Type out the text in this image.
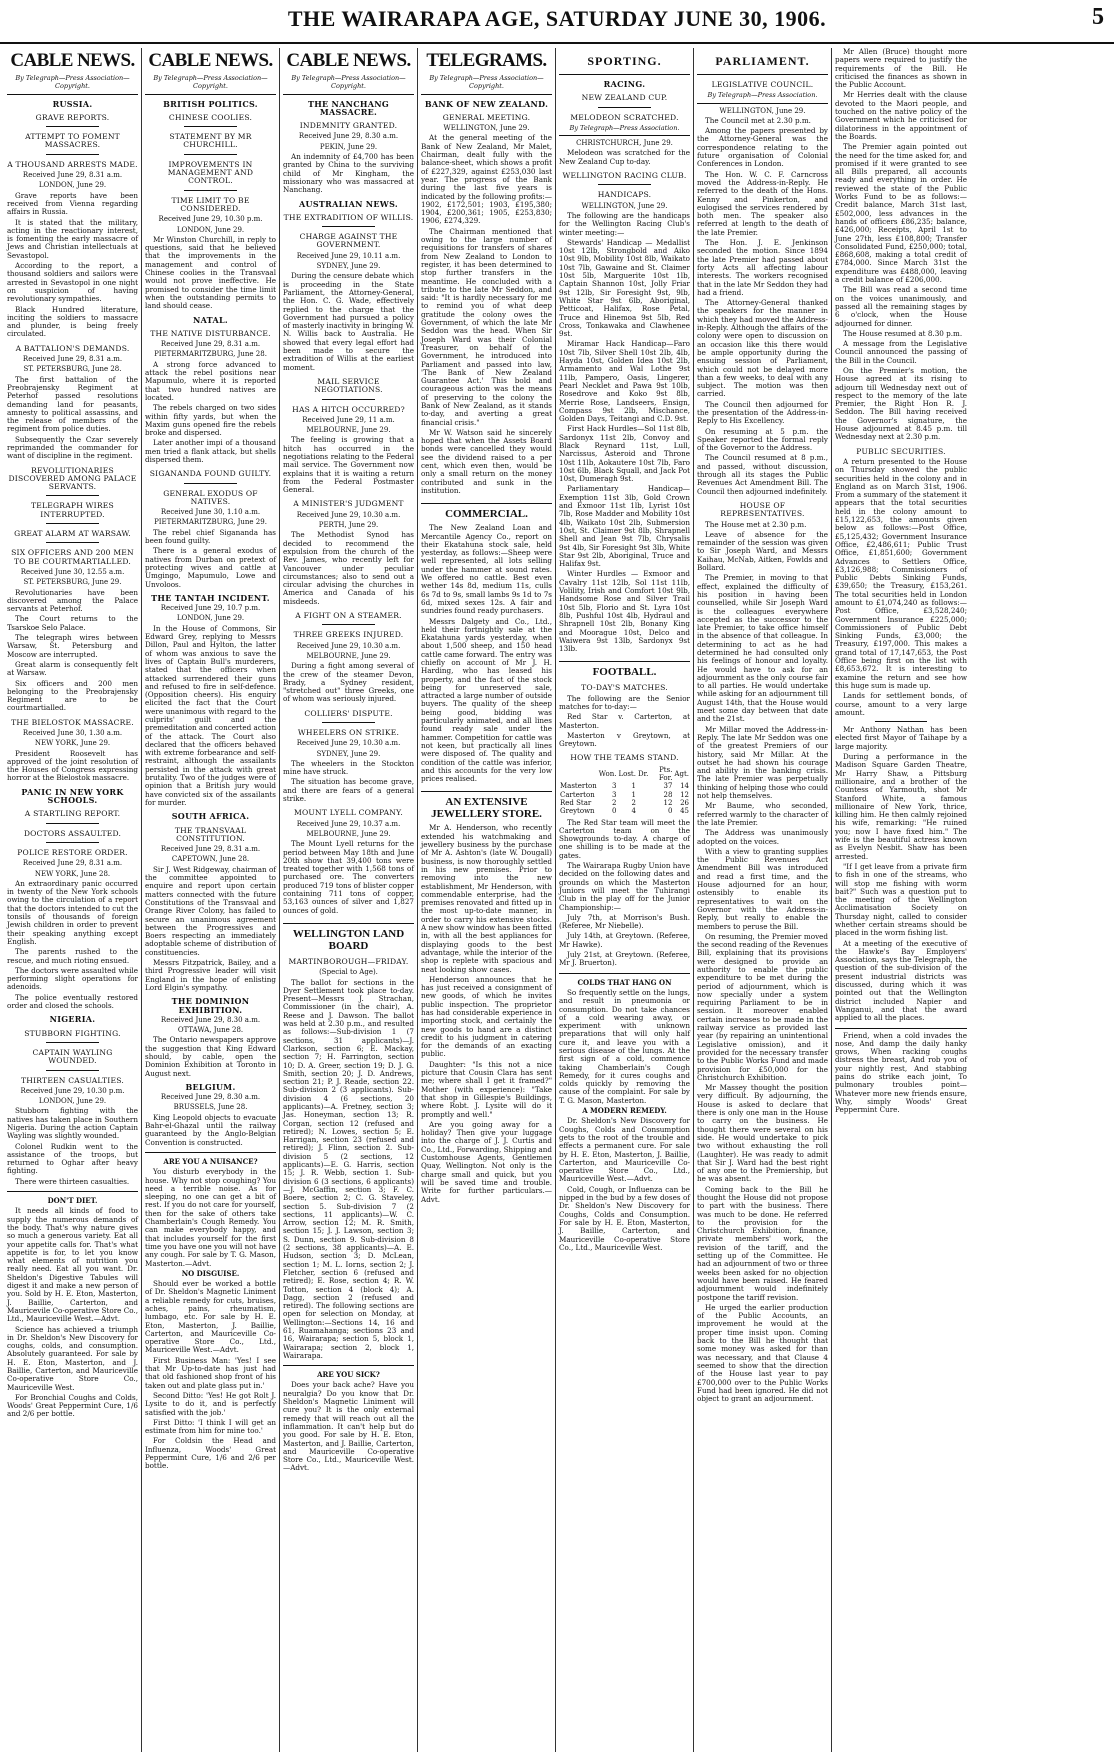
THE WAIRARAPA AGE, SATURDAY JUNE 30, 1906.	5
CABLE NEWS.
By Telegraph—Press Association—Copyright.
RUSSIA.
GRAVE REPORTS.
ATTEMPT TO FOMENT MASSACRES.
A THOUSAND ARRESTS MADE.
Received June 29, 8.31 a.m.
LONDON, June 29.

Grave reports have been received from Vienna regarding affairs in Russia.

It is stated that the military, acting in the reactionary interest, is fomenting the early massacre of Jews and Christian intellectuals at Sevastopol.

According to the report, a thousand soldiers and sailors were arrested in Sevastopol in one night on suspicion of having revolutionary sympathies.

Black Hundred literature, inciting the soldiers to massacre and plunder, is being freely circulated.

A BATTALION'S DEMANDS.
Received June 29, 8.31 a.m.
ST. PETERSBURG, June 28.

The first battalion of the Preobrajensky Regiment at Peterhof passed resolutions demanding land for peasants, amnesty to political assassins, and the release of members of the regiment from police duties.

Subsequently the Czar severely reprimanded the commander for want of discipline in the regiment.

REVOLUTIONARIES DISCOVERED AMONG PALACE SERVANTS.
TELEGRAPH WIRES INTERRUPTED.
GREAT ALARM AT WARSAW.
SIX OFFICERS AND 200 MEN TO BE COURTMARTIALLED.
Received June 30, 12.55 a.m.
ST. PETERSBURG, June 29.

Revolutionaries have been discovered among the Palace servants at Peterhof.

The Court returns to the Tsarskoe Selo Palace.

The telegraph wires between Warsaw, St. Petersburg and Moscow are interrupted.

Great alarm is consequently felt at Warsaw.

Six officers and 200 men belonging to the Preobrajensky Regiment are to be courtmartialled.

THE BIELOSTOK MASSACRE.
Received June 30, 1.30 a.m.
NEW YORK, June 29.

President Roosevelt has approved of the joint resolution of the Houses of Congress expressing horror at the Bielostok massacre.

PANIC IN NEW YORK SCHOOLS.
A STARTLING REPORT.
DOCTORS ASSAULTED.
POLICE RESTORE ORDER.
Received June 29, 8.31 a.m.
NEW YORK, June 28.

An extraordinary panic occurred in twenty of the New York schools owing to the circulation of a report that the doctors intended to cut the tonsils of thousands of foreign Jewish children in order to prevent their speaking anything except English.

The parents rushed to the rescue, and much rioting ensued.

The doctors were assaulted while performing slight operations for adenoids.

The police eventually restored order and closed the schools.

NIGERIA.
STUBBORN FIGHTING.
CAPTAIN WAYLING WOUNDED.
THIRTEEN CASUALTIES.
Received June 29, 10.30 p.m.
LONDON, June 29.

Stubborn fighting with the natives has taken place in Southern Nigeria. During the action Captain Wayling was slightly wounded.

Colonel Rudkin went to the assistance of the troops, but returned to Oghar after heavy fighting.

There were thirteen casualties.

DON'T DIET.

It needs all kinds of food to supply the numerous demands of the body. That's why nature gives so much a generous variety. Eat all your appetite calls for. That's what appetite is for, to let you know what elements of nutrition you really need. Eat all you want. Dr. Sheldon's Digestive Tabules will digest it and make a new person of you. Sold by H. E. Eton, Masterton, J. Baillie, Carterton, and Mauricevile Co-operative Store Co., Ltd., Mauriceville West.—Advt.

Science has achieved a triumph in Dr. Sheldon's New Discovery for coughs, colds, and consumption. Absolutely guaranteed. For sale by H. E. Eton, Masterton, and J. Baillie, Carterton, and Mauriceville Co-operative Store Co., Mauriceville West.

For Bronchial Coughs and Colds, Woods' Great Peppermint Cure, 1/6 and 2/6 per bottle.

CABLE NEWS.
By Telegraph—Press Association—Copyright.
BRITISH POLITICS.
CHINESE COOLIES.
STATEMENT BY MR CHURCHILL.
IMPROVEMENTS IN MANAGEMENT AND CONTROL.
TIME LIMIT TO BE CONSIDERED.
Received June 29, 10.30 p.m.
LONDON, June 29.

Mr Winston Churchill, in reply to questions, said that he believed that the improvements in the management and control of Chinese coolies in the Transvaal would not prove ineffective. He promised to consider the time limit when the outstanding permits to land should cease.

NATAL.
THE NATIVE DISTURBANCE.
Received June 29, 8.31 a.m.
PIETERMARITZBURG, June 28.

A strong force advanced to attack the rebel positions near Mapumulo, where it is reported that two hundred natives are located.

The rebels charged on two sides within fifty yards, but when the Maxim guns opened fire the rebels broke and dispersed.

Later another impi of a thousand men tried a flank attack, but shells dispersed them.

SIGANANDA FOUND GUILTY.
GENERAL EXODUS OF NATIVES.
Received June 30, 1.10 a.m.
PIETERMARITZBURG, June 29.

The rebel chief Sigananda has been found guilty.

There is a general exodus of natives from Durban on pretext of protecting wives and cattle at Umgingo, Mapumulo, Lowe and Unvoloos.

THE TANTAH INCIDENT.
Received June 29, 10.7 p.m.
LONDON, June 29.

In the House of Commons, Sir Edward Grey, replying to Messrs Dillon, Paul and Hylton, the latter of whom was anxious to save the lives of Captain Bull's murderers, stated that the officers when attacked surrendered their guns and refused to fire in self-defence. (Opposition cheers). His enquiry elicited the fact that the Court were unanimous with regard to the culprits' guilt and the premeditation and concerted action of the attack. The Court also declared that the officers behaved with extreme forbearance and self-restraint, although the assailants persisted in the attack with great brutality. Two of the judges were of opinion that a British jury would have convicted six of the assailants for murder.

SOUTH AFRICA.
THE TRANSVAAL CONSTITUTION.
Received June 29, 8.31 a.m.
CAPETOWN, June 28.

Sir J. West Ridgeway, chairman of the committee appointed to enquire and report upon certain matters connected with the future Constitutions of the Transvaal and Orange River Colony, has failed to secure an unanimous agreement between the Progressives and Boers respecting an immediately adoptable scheme of distribution of constituencies.

Messrs Fitzpatrick, Bailey, and a third Progressive leader will visit England in the hope of enlisting Lord Elgin's sympathy.

THE DOMINION EXHIBITION.
Received June 29, 8.30 a.m.
OTTAWA, June 28.

The Ontario newspapers approve the suggestion that King Edward should, by cable, open the Dominion Exhibition at Toronto in August next.

BELGIUM.
Received June 29, 8.30 a.m.
BRUSSELS, June 28.

King Leopold objects to evacuate Bahr-el-Ghazal until the railway guaranteed by the Anglo-Belgian Convention is constructed.

ARE YOU A NUISANCE?

You disturb everybody in the house. Why not stop coughing? You need a terrible noise. As for sleeping, no one can get a bit of rest. If you do not care for yourself, then for the sake of others take Chamberlain's Cough Remedy. You can make everybody happy, and that includes yourself for the first time you have one you will not have any cough. For sale by T. G. Mason, Masterton.—Advt.

NO DISGUISE.

Should ever be worked a bottle of Dr. Sheldon's Magnetic Liniment a reliable remedy for cuts, bruises, aches, pains, rheumatism, lumbago, etc. For sale by H. E. Eton, Masterton, J. Baillie, Carterton, and Mauriceville Co-operative Store Co., Ltd., Mauriceville West.—Advt.

First Business Man: 'Yes! I see that Mr Up-to-date has just had that old fashioned shop front of his taken out and plate glass put in.'

Second Ditto: 'Yes! He got Rolt J. Lysite to do it, and is perfectly satisfied with the job.'

First Ditto: 'I think I will get an estimate from him for mine too.'

For Coldsin the Head and Influenza, Woods' Great Peppermint Cure, 1/6 and 2/6 per bottle.

CABLE NEWS.
By Telegraph—Press Association—Copyright.
THE NANCHANG MASSACRE.
INDEMNITY GRANTED.
Received June 29, 8.30 a.m.
PEKIN, June 29.

An indemnity of £4,700 has been granted by China to the surviving child of Mr Kingham, the missionary who was massacred at Nanchang.

AUSTRALIAN NEWS.
THE EXTRADITION OF WILLIS.
CHARGE AGAINST THE GOVERNMENT.
Received June 29, 10.11 a.m.
SYDNEY, June 29.

During the censure debate which is proceeding in the State Parliament, the Attorney-General, the Hon. C. G. Wade, effectively replied to the charge that the Government had pursued a policy of masterly inactivity in bringing W. N. Willis back to Australia. He showed that every legal effort had been made to secure the extradition of Willis at the earliest moment.

MAIL SERVICE NEGOTIATIONS.
HAS A HITCH OCCURRED?
Received June 29, 11 a.m.
MELBOURNE, June 29.

The feeling is growing that a hitch has occurred in the negotiations relating to the Federal mail service. The Government now explains that it is waiting a return from the Federal Postmaster General.

A MINISTER'S JUDGMENT
Received June 29, 10.30 a.m.
PERTH, June 29.

The Methodist Synod has decided to recommend the expulsion from the church of the Rev. James, who recently left for Vancouver under peculiar circumstances; also to send out a circular advising the churches in America and Canada of his misdeeds.

A FIGHT ON A STEAMER.
THREE GREEKS INJURED.
Received June 29, 10.30 a.m.
MELBOURNE, June 29.

During a fight among several of the crew of the steamer Devon, Brady, a Sydney resident, "stretched out" three Greeks, one of whom was seriously injured.

COLLIERS' DISPUTE.
WHEELERS ON STRIKE.
Received June 29, 10.30 a.m.
SYDNEY, June 29.

The wheelers in the Stockton mine have struck.

The situation has become grave, and there are fears of a general strike.

MOUNT LYELL COMPANY.
Received June 29, 10.37 a.m.
MELBOURNE, June 29.

The Mount Lyell returns for the period between May 18th and June 20th show that 39,400 tons were treated together with 1,568 tons of purchased ore. The converters produced 719 tons of blister copper containing 711 tons of copper, 53,163 ounces of silver and 1,827 ounces of gold.

WELLINGTON LAND BOARD
MARTINBOROUGH—FRIDAY.
(Special to Age).

The ballot for sections in the Dyer Settlement took place to-day. Present—Messrs J. Strachan, Commissioner (in the chair), A. Reese and J. Dawson. The ballot was held at 2.30 p.m., and resulted as follows:—Sub-division 1 (7 sections, 31 applicants)—J. Clarkson, section 6; E. Mackay, section 7; H. Farrington, section 10; D. A. Greer, section 19; D. J. G. Smith, section 20; J. D. Andrews, section 21; P. J. Reade, section 22. Sub-division 2 (3 applicants). Sub-division 4 (6 sections, 20 applicants)—A. Fretney, section 3; Jas. Honeyman, section 13; R. Corgan, section 12 (refused and retired); N. Lowes, section 5; E. Harrigan, section 23 (refused and retired); J. Flinn, section 2. Sub-division 5 (2 sections, 12 applicants)—E. G. Harris, section 15; J. R. Webb, section 1. Sub-division 6 (3 sections, 6 applicants)—J. McGaffin, section 3; F. C. Boere, section 2; C. G. Staveley, section 5. Sub-division 7 (2 sections, 11 applicants)—W. C. Arrow, section 12; M. R. Smith, section 15; J. J. Lawson, section 3; S. Dunn, section 9. Sub-division 8 (2 sections, 38 applicants)—A. E. Hudson, section 3; D. McLean, section 1; M. L. Iorns, section 2; J. Fletcher, section 6 (refused and retired); E. Rose, section 4; R. W. Totton, section 4 (block 4); A. Dagg, section 2 (refused and retired). The following sections are open for selection on Monday, at Wellington:—Sections 14, 16 and 61, Ruamahanga; sections 23 and 16, Wairarapa; section 5, block 1, Wairarapa; section 2, block 1, Wairarapa.

ARE YOU SICK?

Does your back ache? Have you neuralgia? Do you know that Dr. Sheldon's Magnetic Liniment will cure you? It is the only external remedy that will reach out all the inflammation. It can't help but do you good. For sale by H. E. Eton, Masterton, and J. Baillie, Carterton, and Mauriceville Co-operative Store Co., Ltd., Mauriceville West.—Advt.

TELEGRAMS.
By Telegraph—Press Association—Copyright.
BANK OF NEW ZEALAND.
GENERAL MEETING.
WELLINGTON, June 29.

At the general meeting of the Bank of New Zealand, Mr Malet, Chairman, dealt fully with the balance-sheet, which shows a profit of £227,329, against £253,030 last year. The progress of the Bank during the last five years is indicated by the following profits:—1902, £172,501; 1903, £195,380; 1904, £200,361; 1905, £253,830; 1906, £274,329.

The Chairman mentioned that owing to the large number of requisitions for transfers of shares from New Zealand to London to register, it has been determined to stop further transfers in the meantime. He concluded with a tribute to the late Mr Seddon, and said: "It is hardly necessary for me to remind you of what deep gratitude the colony owes the Government, of which the late Mr Seddon was the head. When Sir Joseph Ward was their Colonial Treasurer, on behalf of the Government, he introduced into Parliament and passed into law, 'The Bank of New Zealand Guarantee Act.' This bold and courageous action was the means of preserving to the colony the Bank of New Zealand, as it stands to-day, and averting a great financial crisis."

Mr W. Watson said he sincerely hoped that when the Assets Board bonds were cancelled they would see the dividend raised to a per cent, which even then, would be only a small return on the money contributed and sunk in the institution.

COMMERCIAL.

The New Zealand Loan and Mercantile Agency Co., report on their Ekatahuna stock sale, held yesterday, as follows:—Sheep were well represented, all lots selling under the hammer at sound rates. We offered no cattle. Best even wether 14s 8d, medium 11s, culls 6s 7d to 9s, small lambs 9s 1d to 7s 6d, mixed sexes 12s. A fair and sundries found ready purchasers.

Messrs Dalgety and Co., Ltd., held their fortnightly sale at the Ekatahuna yards yesterday, when about 1,500 sheep, and 150 head cattle came forward. The entry was chiefly on account of Mr J. H. Harding, who has leased his property, and the fact of the stock being for unreserved sale, attracted a large number of outside buyers. The quality of the sheep being good, bidding was particularly animated, and all lines found ready sale under the hammer. Competition for cattle was not keen, but practically all lines were disposed of. The quality and condition of the cattle was inferior, and this accounts for the very low prices realised.

AN EXTENSIVE JEWELLERY STORE.

Mr A. Henderson, who recently extended his watchmaking and jewellery business by the purchase of Mr A. Ashton's (late W. Dougall) business, is now thoroughly settled in his new premises. Prior to removing into the new establishment, Mr Henderson, with commendable enterprise, had the premises renovated and fitted up in the most up-to-date manner, in order to carry his extensive stocks. A new show window has been fitted in, with all the best appliances for displaying goods to the best advantage, while the interior of the shop is replete with spacious and neat looking show cases.

Henderson announces that he has just received a consignment of new goods, of which he invites public inspection. The proprietor has had considerable experience in importing stock, and certainly the new goods to hand are a distinct credit to his judgment in catering for the demands of an exacting public.

Daughter: "Is this not a nice picture that Cousin Clara has sent me; where shall I get it framed?" Mother (with experience): "Take that shop in Gillespie's Buildings, where Robt. J. Lysite will do it promptly and well."

Are you going away for a holiday? Then give your luggage into the charge of J. J. Curtis and Co., Ltd., Forwarding, Shipping and Customhouse Agents, Gentlemen Quay, Wellington. Not only is the charge small and quick, but you will be saved time and trouble. Write for further particulars.—Advt.

SPORTING.
RACING.
NEW ZEALAND CUP.
MELODEON SCRATCHED.
By Telegraph—Press Association.
CHRISTCHURCH, June 29.

Melodeon was scratched for the New Zealand Cup to-day.

WELLINGTON RACING CLUB.
HANDICAPS.
WELLINGTON, June 29.

The following are the handicaps for the Wellington Racing Club's winter meeting:—

Stewards' Handicap — Medallist 10st 12lb, Strongbold and Aiko 10st 9lb, Mobility 10st 8lb, Waikato 10st 7lb, Gawaine and St. Claimer 10st 5lb, Marguerite 10st 1lb, Captain Shannon 10st, Jolly Friar 9st 12lb, Sir Foresight 9st, 9lb, White Star 9st 6lb, Aboriginal, Petticoat, Halifax, Rose Petal, Truce and Hinemoa 9st 5lb, Red Cross, Tonkawaka and Clawhenee 9st.

Miramar Hack Handicap—Faro 10st 7lb, Silver Shell 10st 2lb, 4lb, Hayda 10st, Golden Idea 10st 2lb, Armamento and Wal Lothe 9st 11lb, Pampero, Oasis, Lingerer, Pearl Necklet and Pawa 9st 10lb, Rosedrove and Koko 9st 8lb, Merrie Rose, Landseers, Ensign, Compass 9st 2lb, Mischance, Golden Days, Teitangi and C.D. 9st.

First Hack Hurdles—Sol 11st 8lb, Sardonyx 11st 2lb, Convoy and Black Reynard 11st, Lull, Narcissus, Asteroid and Throne 10st 11lb, Aokautere 10st 7lb, Faro 10st 6lb, Black Squall, and Jack Pot 10st, Dumeragh 9st.

Parliamentary Handicap—Exemption 11st 3lb, Gold Crown and Exmoor 11st 1lb, Lyrist 10st 7lb, Rose Madder and Mobility 10st 4lb, Waikato 10st 2lb, Submersion 10st, St. Claimer 9st 8lb, Shrapnell Shell and Jean 9st 7lb, Chrysalis 9st 4lb, Sir Foresight 9st 3lb, White Star 9st 2lb, Aboriginal, Truce and Halifax 9st.

Winter Hurdles — Exmoor and Cavalry 11st 12lb, Sol 11st 11lb, Volility, Irish and Comfort 10st 9lb, Handsome Rose and Silver Trail 10st 5lb, Florio and St. Lyra 10st 8lb, Pushful 10st 4lb, Hydraul and Shrapnell 10st 2lb, Bonany King and Moorague 10st, Delco and Waiwera 9st 13lb, Sardonyx 9st 13lb.

FOOTBALL.
TO-DAY'S MATCHES.

The following are the Senior matches for to-day:—

Red Star v. Carterton, at Masterton.

Masterton v Greytown, at Greytown.

HOW THE TEAMS STAND.
	Won.	Lost.	Dr.	Pts. For.	Agt.
Masterton	3	1		37	14
Carterton	3	1		28	12
Red Star	2	2		12	26
Greytown	0	4		0	45

The Red Star team will meet the Carterton team on the Showgrounds to-day. A charge of one shilling is to be made at the gates.

The Wairarapa Rugby Union have decided on the following dates and grounds on which the Masterton Juniors will meet the Tuhirangi Club in the play off for the Junior Championship:—

July 7th, at Morrison's Bush. (Referee, Mr Niebelle).

July 14th, at Greytown. (Referee, Mr Hawke).

July 21st, at Greytown. (Referee, Mr J. Bruerton).

COLDS THAT HANG ON

So frequently settle on the lungs, and result in pneumonia or consumption. Do not take chances of a cold wearing away, or experiment with unknown preparations that will only half cure it, and leave you with a serious disease of the lungs. At the first sign of a cold, commence taking Chamberlain's Cough Remedy, for it cures coughs and colds quickly by removing the cause of the complaint. For sale by T. G. Mason, Masterton.

A MODERN REMEDY.

Dr. Sheldon's New Discovery for Coughs, Colds and Consumption gets to the root of the trouble and effects a permanent cure. For sale by H. E. Eton, Masterton, J. Baillie, Carterton, and Mauriceville Co-operative Store Co., Ltd., Mauriceville West.—Advt.

Cold, Cough, or Influenza can be nipped in the bud by a few doses of Dr. Sheldon's New Discovery for Coughs, Colds and Consumption. For sale by H. E. Eton, Masterton, J. Baillie, Carterton, and Mauriceville Co-operative Store Co., Ltd., Mauriceville West.

PARLIAMENT.
LEGISLATIVE COUNCIL.
By Telegraph—Press Association.
WELLINGTON, June 29.

The Council met at 2.30 p.m.

Among the papers presented by the Attorney-General was the correspondence relating to the future organisation of Colonial Conferences in London.

The Hon. W. C. F. Carncross moved the Address-in-Reply. He referred to the death of the Hons. Kenny and Pinkerton, and eulogised the services rendered by both men. The speaker also referred at length to the death of the late Premier.

The Hon. J. E. Jenkinson seconded the motion. Since 1894 the late Premier had passed about forty Acts all affecting labour interests. The workers recognised that in the late Mr Seddon they had had a friend.

The Attorney-General thanked the speakers for the manner in which they had moved the Address-in-Reply. Although the affairs of the colony were open to discussion on an occasion like this there would be ample opportunity during the ensuing session of Parliament, which could not be delayed more than a few weeks, to deal with any subject. The motion was then carried.

The Council then adjourned for the presentation of the Address-in-Reply to His Excellency.

On resuming at 5 p.m. the Speaker reported the formal reply of the Governor to the Address.

The Council resumed at 8 p.m., and passed, without discussion, through all its stages the Public Revenues Act Amendment Bill. The Council then adjourned indefinitely.

HOUSE OF REPRESENTATIVES.

The House met at 2.30 p.m.

Leave of absence for the remainder of the session was given to Sir Joseph Ward, and Messrs Kaihau, McNab, Aitken, Fowlds and Bollard.

The Premier, in moving to that effect, explained the difficulty of his position in having been counselled, while Sir Joseph Ward is the colleagues everywhere accepted as the successor to the late Premier, to take office himself in the absence of that colleague. In determining to act as he had determined he had consulted only his feelings of honour and loyalty. He would have to ask for an adjournment as the only course fair to all parties. He would undertake while asking for an adjournment till August 14th, that the House would meet some day between that date and the 21st.

Mr Millar moved the Address-in-Reply. The late Mr Seddon was one of the greatest Premiers of our history, said Mr Millar. At the outset he had shown his courage and ability in the banking crisis. The late Premier was perpetually thinking of helping those who could not help themselves.

Mr Baume, who seconded, referred warmly to the character of the late Premier.

The Address was unanimously adopted on the voices.

With a view to granting supplies the Public Revenues Act Amendment Bill was introduced and read a first time, and the House adjourned for an hour, ostensibly to enable its representatives to wait on the Governor with the Address-in-Reply, but really to enable the members to peruse the Bill.

On resuming, the Premier moved the second reading of the Revenues Bill, explaining that its provisions were designed to provide an authority to enable the public expenditure to be met during the period of adjournment, which is now specially under a system requiring Parliament to be in session. It moreover enabled certain increases to be made in the railway service as provided last year (by repairing an unintentional Legislative omission), and it provided for the necessary transfer to the Public Works Fund and made provision for £50,000 for the Christchurch Exhibition.

Mr Massey thought the position very difficult. By adjourning, the House is asked to declare that there is only one man in the House to carry on the business. He thought there were several on his side. He would undertake to pick two without exhausting the roll (Laughter). He was ready to admit that Sir J. Ward had the best right of any one to the Premiership, but he was absent.

Coming back to the Bill he thought the House did not propose to part with the business. There was much to be done. He referred to the provision for the Christchurch Exhibition, finance, private members' work, the revision of the tariff, and the setting up of the Committee. He had an adjournment of two or three weeks been asked for no objection would have been raised. He feared adjournment would indefinitely postpone the tariff revision.

He urged the earlier production of the Public Accounts, an improvement he would at the proper time insist upon. Coming back to the Bill he thought that some money was asked for than was necessary, and that Clause 4 seemed to show that the direction of the House last year to pay £700,000 over to the Public Works Fund had been ignored. He did not object to grant an adjournment.

Mr Allen (Bruce) thought more papers were required to justify the requirements of the Bill. He criticised the finances as shown in the Public Account.

Mr Herries dealt with the clause devoted to the Maori people, and touched on the native policy of the Government which he criticised for dilatoriness in the appointment of the Boards.

The Premier again pointed out the need for the time asked for, and promised if it were granted to see all Bills prepared, all accounts ready and everything in order. He reviewed the state of the Public Works Fund to be as follows:—Credit balance, March 31st last, £502,000, less advances in the hands of officers £86,235; balance, £426,000; Receipts, April 1st to June 27th, less £108,800; Transfer Consolidated Fund, £250,000; total, £868,608, making a total credit of £784,000. Since March 31st the expenditure was £488,000, leaving a credit balance of £206,000.

The Bill was read a second time on the voices unanimously, and passed all the remaining stages by 6 o'clock, when the House adjourned for dinner.

The House resumed at 8.30 p.m.

A message from the Legislative Council announced the passing of the Bill in the Council.

On the Premier's motion, the House agreed at its rising to adjourn till Wednesday next out of respect to the memory of the late Premier, the Right Hon R. J. Seddon. The Bill having received the Governor's signature, the House adjourned at 8.45 p.m. till Wednesday next at 2.30 p.m.

PUBLIC SECURITIES.

A return presented to the House on Thursday showed the public securities held in the colony and in England as on March 31st, 1906. From a summary of the statement it appears that the total securities held in the colony amount to £15,122,653, the amounts given below as follows:—Post Office, £5,125,432; Government Insurance Office, £2,486,611; Public Trust Office, £1,851,600; Government Advances to Settlers Office, £3,126,988; Commissioners of Public Debts Sinking Funds, £39,650; the Treasury, £153,261. The total securities held in London amount to £1,074,240 as follows:—Post Office, £3,528,240; Government Insurance £225,000; Commissioners of Public Debt Sinking Funds, £3,000; the Treasury, £197,000. This makes a grand total of 17,147,653, the Post Office being first on the list with £8,653,672. It is interesting to examine the return and see how this huge sum is made up.

Lands for settlement bonds, of course, amount to a very large amount.

Mr Anthony Nathan has been elected first Mayor of Taihape by a large majority.

During a performance in the Madison Square Garden Theatre, Mr Harry Shaw, a Pittsburg millionaire, and a brother of the Countess of Yarmouth, shot Mr Stanford White, a famous millionaire of New York, thrice, killing him. He then calmly rejoined his wife, remarking: "He ruined you; now I have fixed him." The wife is the beautiful actress known as Evelyn Nesbit. Shaw has been arrested.

"If I get leave from a private firm to fish in one of the streams, who will stop me fishing with worm bait?" Such was a question put to the meeting of the Wellington Acclimatisation Society on Thursday night, called to consider whether certain streams should be placed in the worm fishing list.

At a meeting of the executive of the Hawke's Bay Employers' Association, says the Telegraph, the question of the sub-division of the present industrial districts was discussed, during which it was pointed out that the Wellington district included Napier and Wanganui, and that the award applied to all the places.

Friend, when a cold invades the nose, And damp the daily hanky grows, When racking coughs distress the breast, And rob you of your nightly rest, And stabbing pains do strike each joint, To pulmonary troubles point—Whatever more new friends ensure, Why, simply Woods' Great Peppermint Cure.
